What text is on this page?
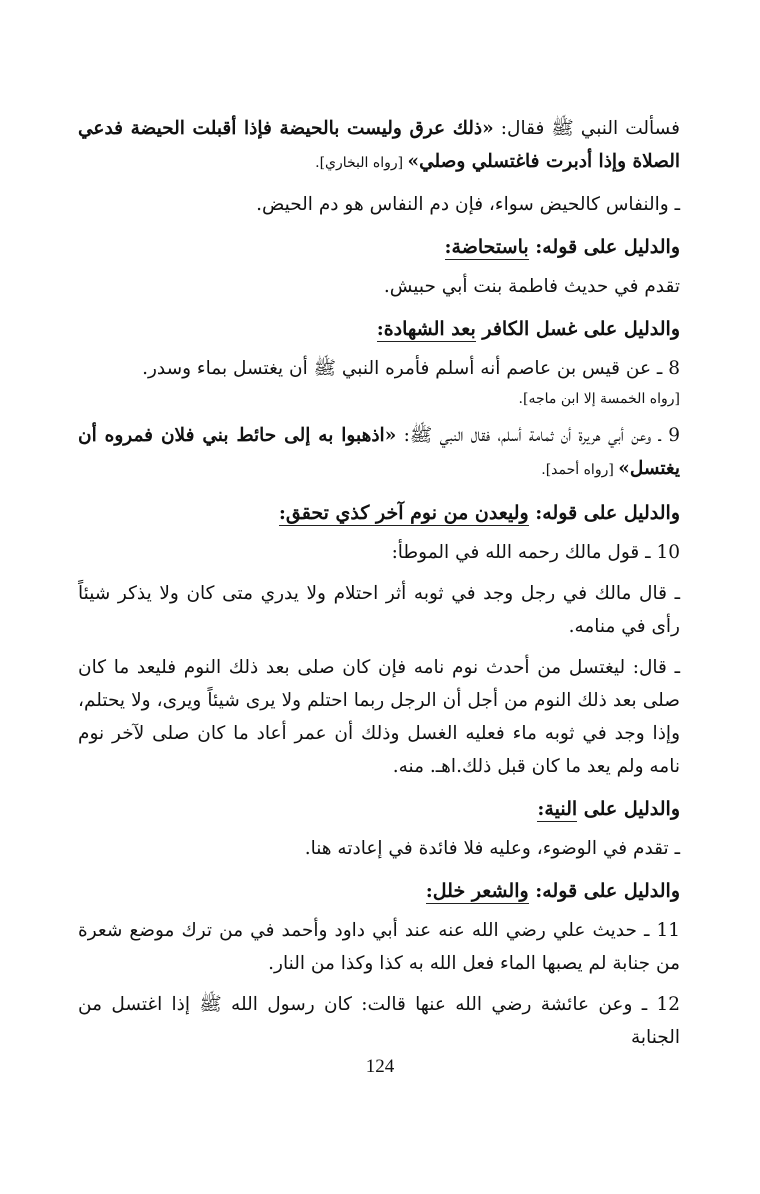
فسألت النبي ﷺ فقال: «ذلك عرق وليست بالحيضة فإذا أقبلت الحيضة فدعي الصلاة وإذا أدبرت فاغتسلي وصلي» [رواه البخاري].

ـ والنفاس كالحيض سواء، فإن دم النفاس هو دم الحيض.

والدليل على قوله: باستحاضة:

تقدم في حديث فاطمة بنت أبي حبيش.

والدليل على غسل الكافر بعد الشهادة:

8 ـ عن قيس بن عاصم أنه أسلم فأمره النبي ﷺ أن يغتسل بماء وسدر.

[رواه الخمسة إلا ابن ماجه].

9 ـ وعن أبي هريرة أن ثمامة أسلم، فقال النبي ﷺ: «اذهبوا به إلى حائط بني فلان فمروه أن يغتسل» [رواه أحمد].

والدليل على قوله: وليعدن من نوم آخر كذي تحقق:

10 ـ قول مالك رحمه الله في الموطأ:

ـ قال مالك في رجل وجد في ثوبه أثر احتلام ولا يدري متى كان ولا يذكر شيئاً رأى في منامه.

ـ قال: ليغتسل من أحدث نوم نامه فإن كان صلى بعد ذلك النوم فليعد ما كان صلى بعد ذلك النوم من أجل أن الرجل ربما احتلم ولا يرى شيئاً ويرى، ولا يحتلم، وإذا وجد في ثوبه ماء فعليه الغسل وذلك أن عمر أعاد ما كان صلى لآخر نوم نامه ولم يعد ما كان قبل ذلك.اهـ. منه.

والدليل على النية:

ـ تقدم في الوضوء، وعليه فلا فائدة في إعادته هنا.

والدليل على قوله: والشعر خلل:

11 ـ حديث علي رضي الله عنه عند أبي داود وأحمد في من ترك موضع شعرة من جنابة لم يصبها الماء فعل الله به كذا وكذا من النار.

12 ـ وعن عائشة رضي الله عنها قالت: كان رسول الله ﷺ إذا اغتسل من الجنابة

124
